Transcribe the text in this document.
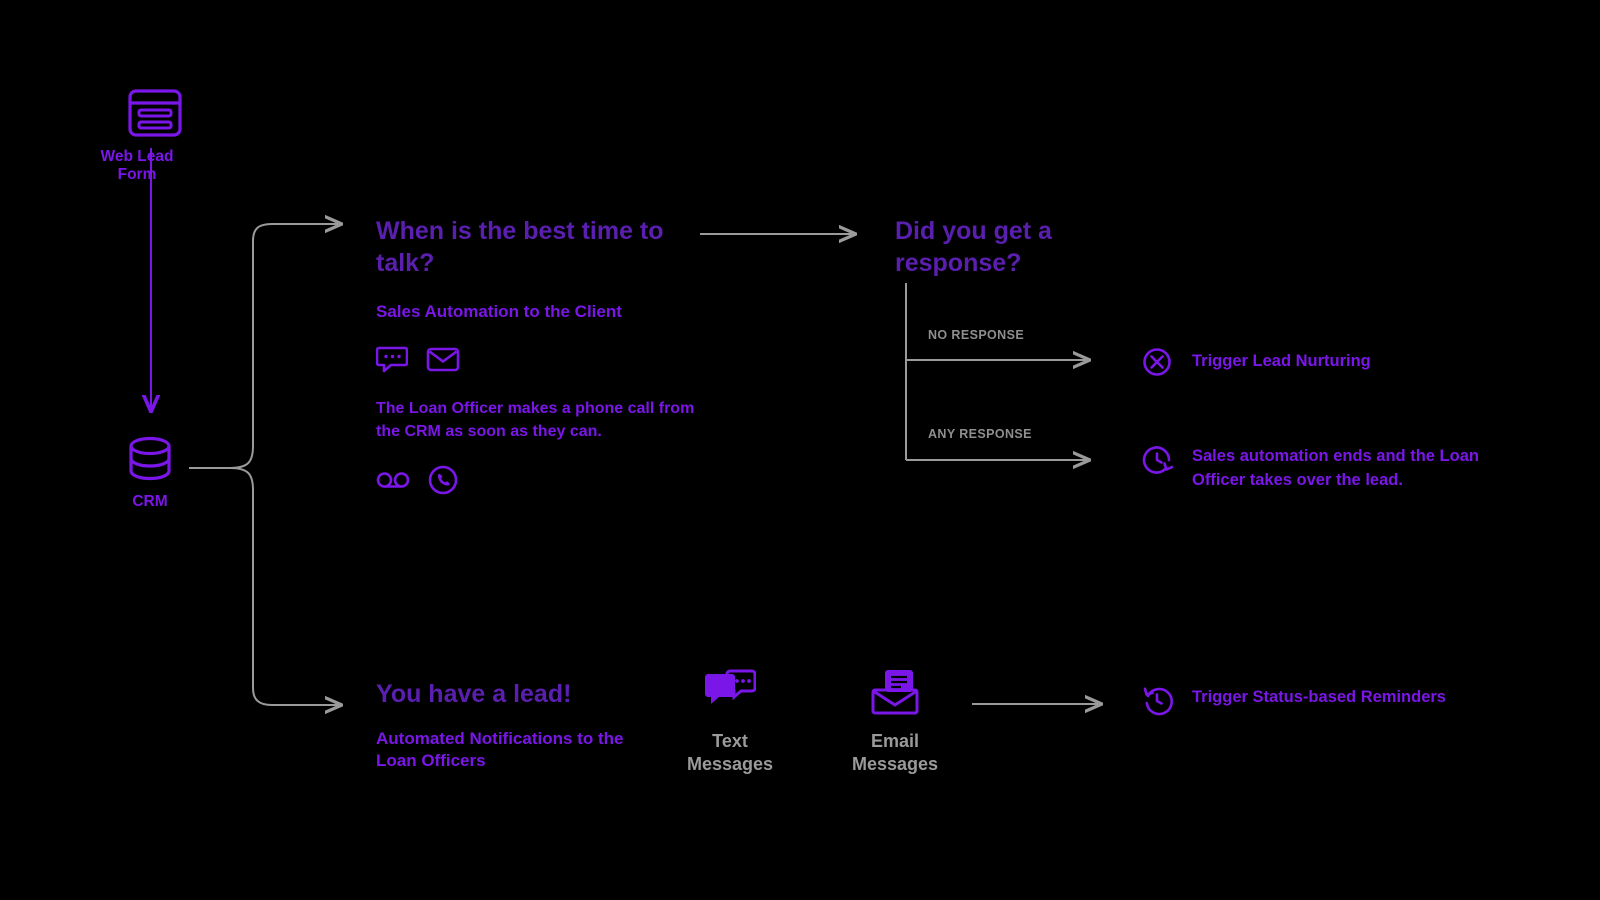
Web Lead Form
CRM
When is the best time to talk?
Sales Automation to the Client
The Loan Officer makes a phone call from the CRM as soon as they can.
Did you get a response?
NO RESPONSE
Trigger Lead Nurturing
ANY RESPONSE
Sales automation ends and the Loan Officer takes over the lead.
You have a lead!
Automated Notifications to the Loan Officers
Text Messages
Email Messages
Trigger Status-based Reminders
